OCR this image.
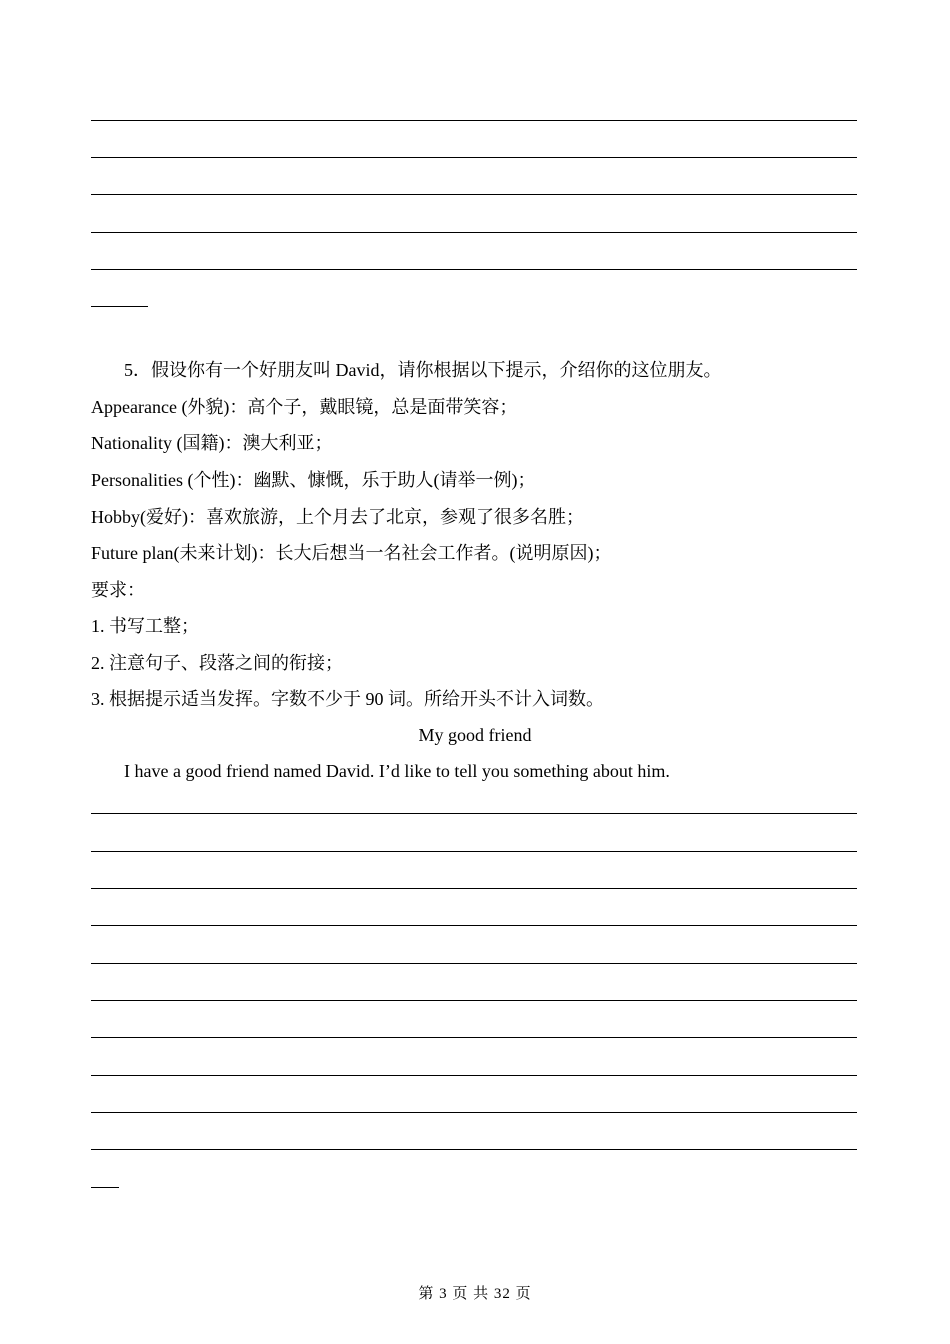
5．假设你有一个好朋友叫 David，请你根据以下提示，介绍你的这位朋友。
Appearance (外貌)：高个子，戴眼镜，总是面带笑容；
Nationality (国籍)：澳大利亚；
Personalities (个性)：幽默、慷慨，乐于助人(请举一例)；
Hobby(爱好)：喜欢旅游，上个月去了北京，参观了很多名胜；
Future plan(未来计划)：长大后想当一名社会工作者。(说明原因)；
要求：
1. 书写工整；
2. 注意句子、段落之间的衔接；
3. 根据提示适当发挥。字数不少于 90 词。所给开头不计入词数。
My good friend
I have a good friend named David. I’d like to tell you something about him.
第 3 页 共 32 页
